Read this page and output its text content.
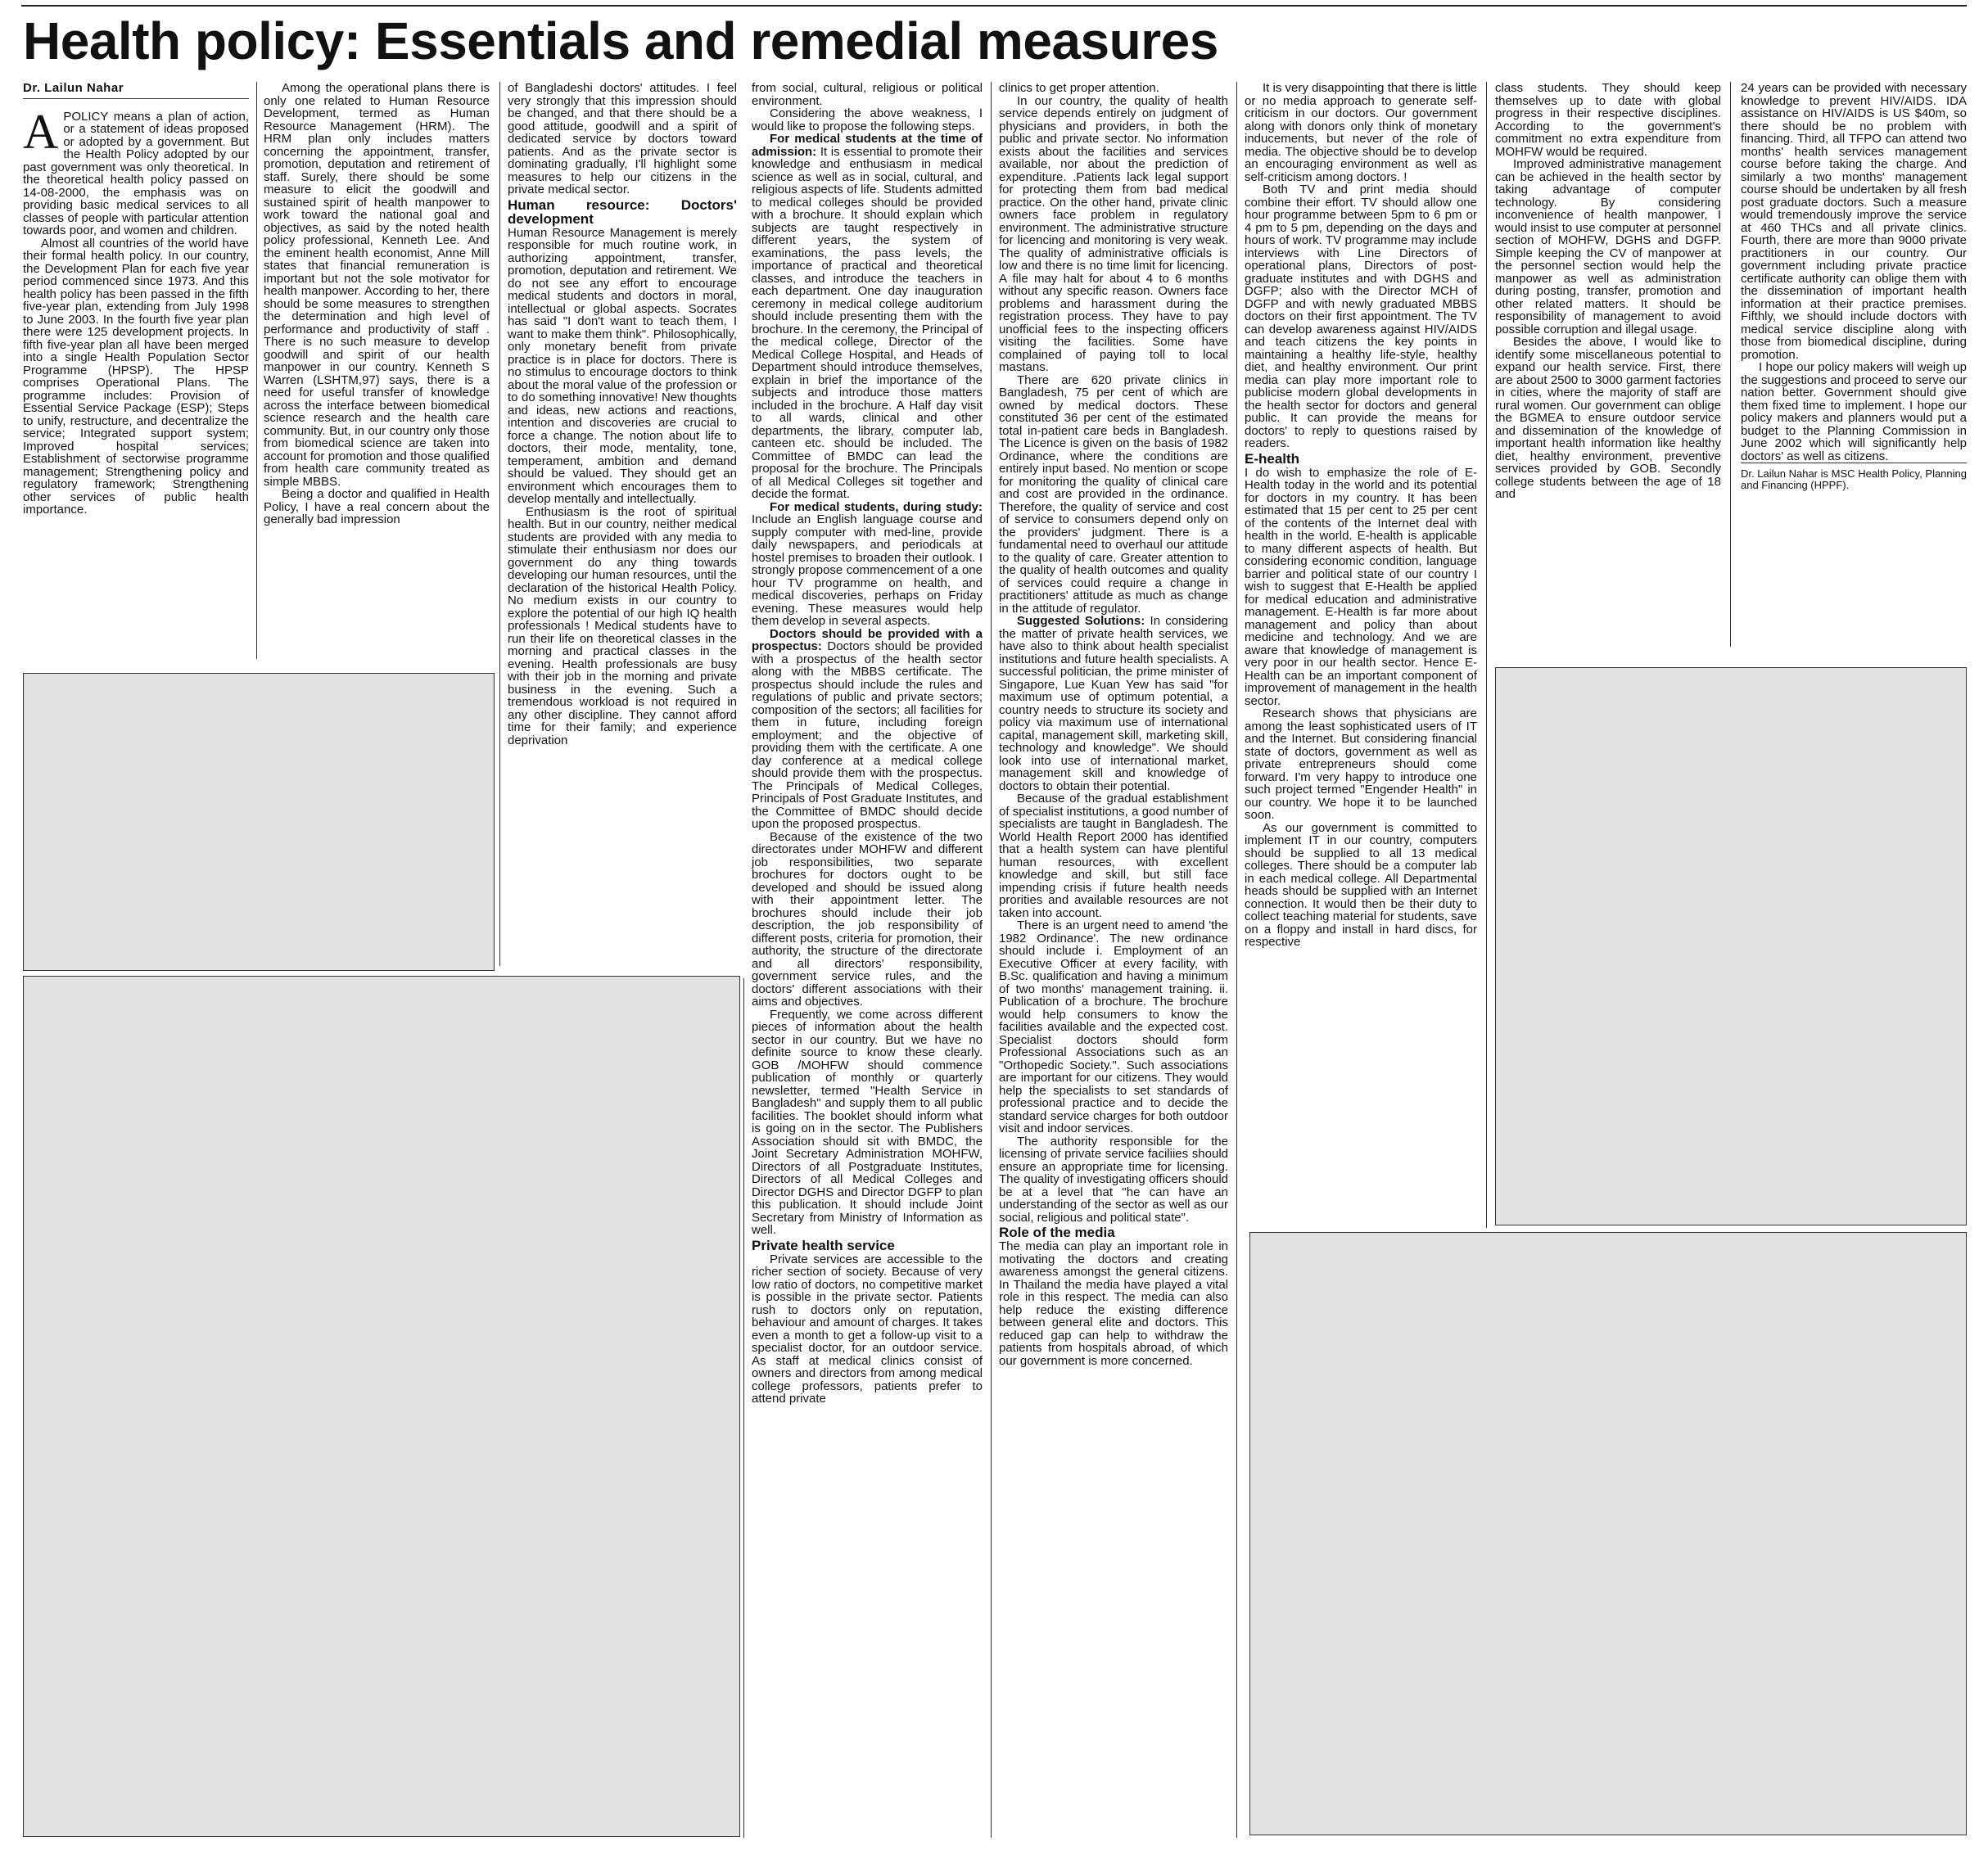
Health policy: Essentials and remedial measures
Dr. Lailun Nahar
A POLICY means a plan of action, or a statement of ideas proposed or adopted by a government. But the Health Policy adopted by our past government was only theoretical. In the theoretical health policy passed on 14-08-2000, the emphasis was on providing basic medical services to all classes of people with particular attention towards poor, and women and children.

Almost all countries of the world have their formal health policy. In our country, the Development Plan for each five year period commenced since 1973. And this health policy has been passed in the fifth five-year plan, extending from July 1998 to June 2003. In the fourth five year plan there were 125 development projects. In fifth five-year plan all have been merged into a single Health Population Sector Programme (HPSP). The HPSP comprises Operational Plans. The programme includes: Provision of Essential Service Package (ESP); Steps to unify, restructure, and decentralize the service; Integrated support system; Improved hospital services; Establishment of sectorwise programme management; Strengthening policy and regulatory framework; Strengthening other services of public health importance.

Among the operational plans there is only one related to Human Resource Development, termed as Human Resource Management (HRM). The HRM plan only includes matters concerning the appointment, transfer, promotion, deputation and retirement of staff. Surely, there should be some measure to elicit the goodwill and sustained spirit of health manpower to work toward the national goal and objectives, as said by the noted health policy professional, Kenneth Lee. And the eminent health economist, Anne Mill states that financial remuneration is important but not the sole motivator for health manpower. According to her, there should be some measures to strengthen the determination and high level of performance and productivity of staff . There is no such measure to develop goodwill and spirit of our health manpower in our country. Kenneth S Warren (LSHTM,97) says, there is a need for useful transfer of knowledge across the interface between biomedical science research and the health care community. But, in our country only those from biomedical science are taken into account for promotion and those qualified from health care community treated as simple MBBS.

Being a doctor and qualified in Health Policy, I have a real concern about the generally bad impression

of Bangladeshi doctors' attitudes. I feel very strongly that this impression should be changed, and that there should be a good attitude, goodwill and a spirit of dedicated service by doctors toward patients. And as the private sector is dominating gradually, I'll highlight some measures to help our citizens in the private medical sector.

Human resource: Doctors' development

Human Resource Management is merely responsible for much routine work, in authorizing appointment, transfer, promotion, deputation and retirement. We do not see any effort to encourage medical students and doctors in moral, intellectual or global aspects. Socrates has said "I don't want to teach them, I want to make them think". Philosophically, only monetary benefit from private practice is in place for doctors. There is no stimulus to encourage doctors to think about the moral value of the profession or to do something innovative! New thoughts and ideas, new actions and reactions, intention and discoveries are crucial to force a change. The notion about life to doctors, their mode, mentality, tone, temperament, ambition and demand should be valued. They should get an environment which encourages them to develop mentally and intellectually.

Enthusiasm is the root of spiritual health. But in our country, neither medical students are provided with any media to stimulate their enthusiasm nor does our government do any thing towards developing our human resources, until the declaration of the historical Health Policy. No medium exists in our country to explore the potential of our high IQ health professionals ! Medical students have to run their life on theoretical classes in the morning and practical classes in the evening. Health professionals are busy with their job in the morning and private business in the evening. Such a tremendous workload is not required in any other discipline. They cannot afford time for their family; and experience deprivation

from social, cultural, religious or political environment.

Considering the above weakness, I would like to propose the following steps.

For medical students at the time of admission: It is essential to promote their knowledge and enthusiasm in medical science as well as in social, cultural, and religious aspects of life. Students admitted to medical colleges should be provided with a brochure. It should explain which subjects are taught respectively in different years, the system of examinations, the pass levels, the importance of practical and theoretical classes, and introduce the teachers in each department. One day inauguration ceremony in medical college auditorium should include presenting them with the brochure. In the ceremony, the Principal of the medical college, Director of the Medical College Hospital, and Heads of Department should introduce themselves, explain in brief the importance of the subjects and introduce those matters included in the brochure. A Half day visit to all wards, clinical and other departments, the library, computer lab, canteen etc. should be included. The Committee of BMDC can lead the proposal for the brochure. The Principals of all Medical Colleges sit together and decide the format.

For medical students, during study: Include an English language course and supply computer with med-line, provide daily newspapers, and periodicals at hostel premises to broaden their outlook. I strongly propose commencement of a one hour TV programme on health, and medical discoveries, perhaps on Friday evening. These measures would help them develop in several aspects.

Doctors should be provided with a prospectus: Doctors should be provided with a prospectus of the health sector along with the MBBS certificate. The prospectus should include the rules and regulations of public and private sectors; composition of the sectors; all facilities for them in future, including foreign employment; and the objective of providing them with the certificate. A one day conference at a medical college should provide them with the prospectus. The Principals of Medical Colleges, Principals of Post Graduate Institutes, and the Committee of BMDC should decide upon the proposed prospectus.

Because of the existence of the two directorates under MOHFW and different job responsibilities, two separate brochures for doctors ought to be developed and should be issued along with their appointment letter. The brochures should include their job description, the job responsibility of different posts, criteria for promotion, their authority, the structure of the directorate and all directors' responsibility, government service rules, and the doctors' different associations with their aims and objectives.

Frequently, we come across different pieces of information about the health sector in our country. But we have no definite source to know these clearly. GOB /MOHFW should commence publication of monthly or quarterly newsletter, termed "Health Service in Bangladesh" and supply them to all public facilities. The booklet should inform what is going on in the sector. The Publishers Association should sit with BMDC, the Joint Secretary Administration MOHFW, Directors of all Postgraduate Institutes, Directors of all Medical Colleges and Director DGHS and Director DGFP to plan this publication. It should include Joint Secretary from Ministry of Information as well.

Private health service

Private services are accessible to the richer section of society. Because of very low ratio of doctors, no competitive market is possible in the private sector. Patients rush to doctors only on reputation, behaviour and amount of charges. It takes even a month to get a follow-up visit to a specialist doctor, for an outdoor service. As staff at medical clinics consist of owners and directors from among medical college professors, patients prefer to attend private

clinics to get proper attention.

In our country, the quality of health service depends entirely on judgment of physicians and providers, in both the public and private sector. No information exists about the facilities and services available, nor about the prediction of expenditure. .Patients lack legal support for protecting them from bad medical practice. On the other hand, private clinic owners face problem in regulatory environment. The administrative structure for licencing and monitoring is very weak. The quality of administrative officials is low and there is no time limit for licencing. A file may halt for about 4 to 6 months without any specific reason. Owners face problems and harassment during the registration process. They have to pay unofficial fees to the inspecting officers visiting the facilities. Some have complained of paying toll to local mastans.

There are 620 private clinics in Bangladesh, 75 per cent of which are owned by medical doctors. These constituted 36 per cent of the estimated total in-patient care beds in Bangladesh. The Licence is given on the basis of 1982 Ordinance, where the conditions are entirely input based. No mention or scope for monitoring the quality of clinical care and cost are provided in the ordinance. Therefore, the quality of service and cost of service to consumers depend only on the providers' judgment. There is a fundamental need to overhaul our attitude to the quality of care. Greater attention to the quality of health outcomes and quality of services could require a change in practitioners' attitude as much as change in the attitude of regulator.

Suggested Solutions: In considering the matter of private health services, we have also to think about health specialist institutions and future health specialists. A successful politician, the prime minister of Singapore, Lue Kuan Yew has said "for maximum use of optimum potential, a country needs to structure its society and policy via maximum use of international capital, management skill, marketing skill, technology and knowledge". We should look into use of international market, management skill and knowledge of doctors to obtain their potential.

Because of the gradual establishment of specialist institutions, a good number of specialists are taught in Bangladesh. The World Health Report 2000 has identified that a health system can have plentiful human resources, with excellent knowledge and skill, but still face impending crisis if future health needs prorities and available resources are not taken into account.

There is an urgent need to amend 'the 1982 Ordinance'. The new ordinance should include i. Employment of an Executive Officer at every facility, with B.Sc. qualification and having a minimum of two months' management training. ii. Publication of a brochure. The brochure would help consumers to know the facilities available and the expected cost. Specialist doctors should form Professional Associations such as an "Orthopedic Society.". Such associations are important for our citizens. They would help the specialists to set standards of professional practice and to decide the standard service charges for both outdoor visit and indoor services.

The authority responsible for the licensing of private service faciliies should ensure an appropriate time for licensing. The quality of investigating officers should be at a level that "he can have an understanding of the sector as well as our social, religious and political state".

Role of the media

The media can play an important role in motivating the doctors and creating awareness amongst the general citizens. In Thailand the media have played a vital role in this respect. The media can also help reduce the existing difference between general elite and doctors. This reduced gap can help to withdraw the patients from hospitals abroad, of which our government is more concerned.

It is very disappointing that there is little or no media approach to generate self-criticism in our doctors. Our government along with donors only think of monetary inducements, but never of the role of media. The objective should be to develop an encouraging environment as well as self-criticism among doctors. !

Both TV and print media should combine their effort. TV should allow one hour programme between 5pm to 6 pm or 4 pm to 5 pm, depending on the days and hours of work. TV programme may include interviews with Line Directors of operational plans, Directors of post-graduate institutes and with DGHS and DGFP; also with the Director MCH of DGFP and with newly graduated MBBS doctors on their first appointment. The TV can develop awareness against HIV/AIDS and teach citizens the key points in maintaining a healthy life-style, healthy diet, and healthy environment. Our print media can play more important role to publicise modern global developments in the health sector for doctors and general public. It can provide the means for doctors' to reply to questions raised by readers.

E-health

I do wish to emphasize the role of E-Health today in the world and its potential for doctors in my country. It has been estimated that 15 per cent to 25 per cent of the contents of the Internet deal with health in the world. E-health is applicable to many different aspects of health. But considering economic condition, language barrier and political state of our country I wish to suggest that E-Health be applied for medical education and administrative management. E-Health is far more about management and policy than about medicine and technology. And we are aware that knowledge of management is very poor in our health sector. Hence E-Health can be an important component of improvement of management in the health sector.

Research shows that physicians are among the least sophisticated users of IT and the Internet. But considering financial state of doctors, government as well as private entrepreneurs should come forward. I'm very happy to introduce one such project termed "Engender Health" in our country. We hope it to be launched soon.

As our government is committed to implement IT in our country, computers should be supplied to all 13 medical colleges. There should be a computer lab in each medical college. All Departmental heads should be supplied with an Internet connection. It would then be their duty to collect teaching material for students, save on a floppy and install in hard discs, for respective

class students. They should keep themselves up to date with global progress in their respective disciplines. According to the government's commitment no extra expenditure from MOHFW would be required.

Improved administrative management can be achieved in the health sector by taking advantage of computer technology. By considering inconvenience of health manpower, I would insist to use computer at personnel section of MOHFW, DGHS and DGFP. Simple keeping the CV of manpower at the personnel section would help the manpower as well as administration during posting, transfer, promotion and other related matters. It should be responsibility of management to avoid possible corruption and illegal usage.

Besides the above, I would like to identify some miscellaneous potential to expand our health service. First, there are about 2500 to 3000 garment factories in cities, where the majority of staff are rural women. Our government can oblige the BGMEA to ensure outdoor service and dissemination of the knowledge of important health information like healthy diet, healthy environment, preventive services provided by GOB. Secondly college students between the age of 18 and

24 years can be provided with necessary knowledge to prevent HIV/AIDS. IDA assistance on HIV/AIDS is US $40m, so there should be no problem with financing. Third, all TFPO can attend two months' health services management course before taking the charge. And similarly a two months' management course should be undertaken by all fresh post graduate doctors. Such a measure would tremendously improve the service at 460 THCs and all private clinics. Fourth, there are more than 9000 private practitioners in our country. Our government including private practice certificate authority can oblige them with the dissemination of important health information at their practice premises. Fifthly, we should include doctors with medical service discipline along with those from biomedical discipline, during promotion.

I hope our policy makers will weigh up the suggestions and proceed to serve our nation better. Government should give them fixed time to implement. I hope our policy makers and planners would put a budget to the Planning Commission in June 2002 which will significantly help doctors' as well as citizens.

Dr. Lailun Nahar is MSC Health Policy, Planning and Financing (HPPF).
